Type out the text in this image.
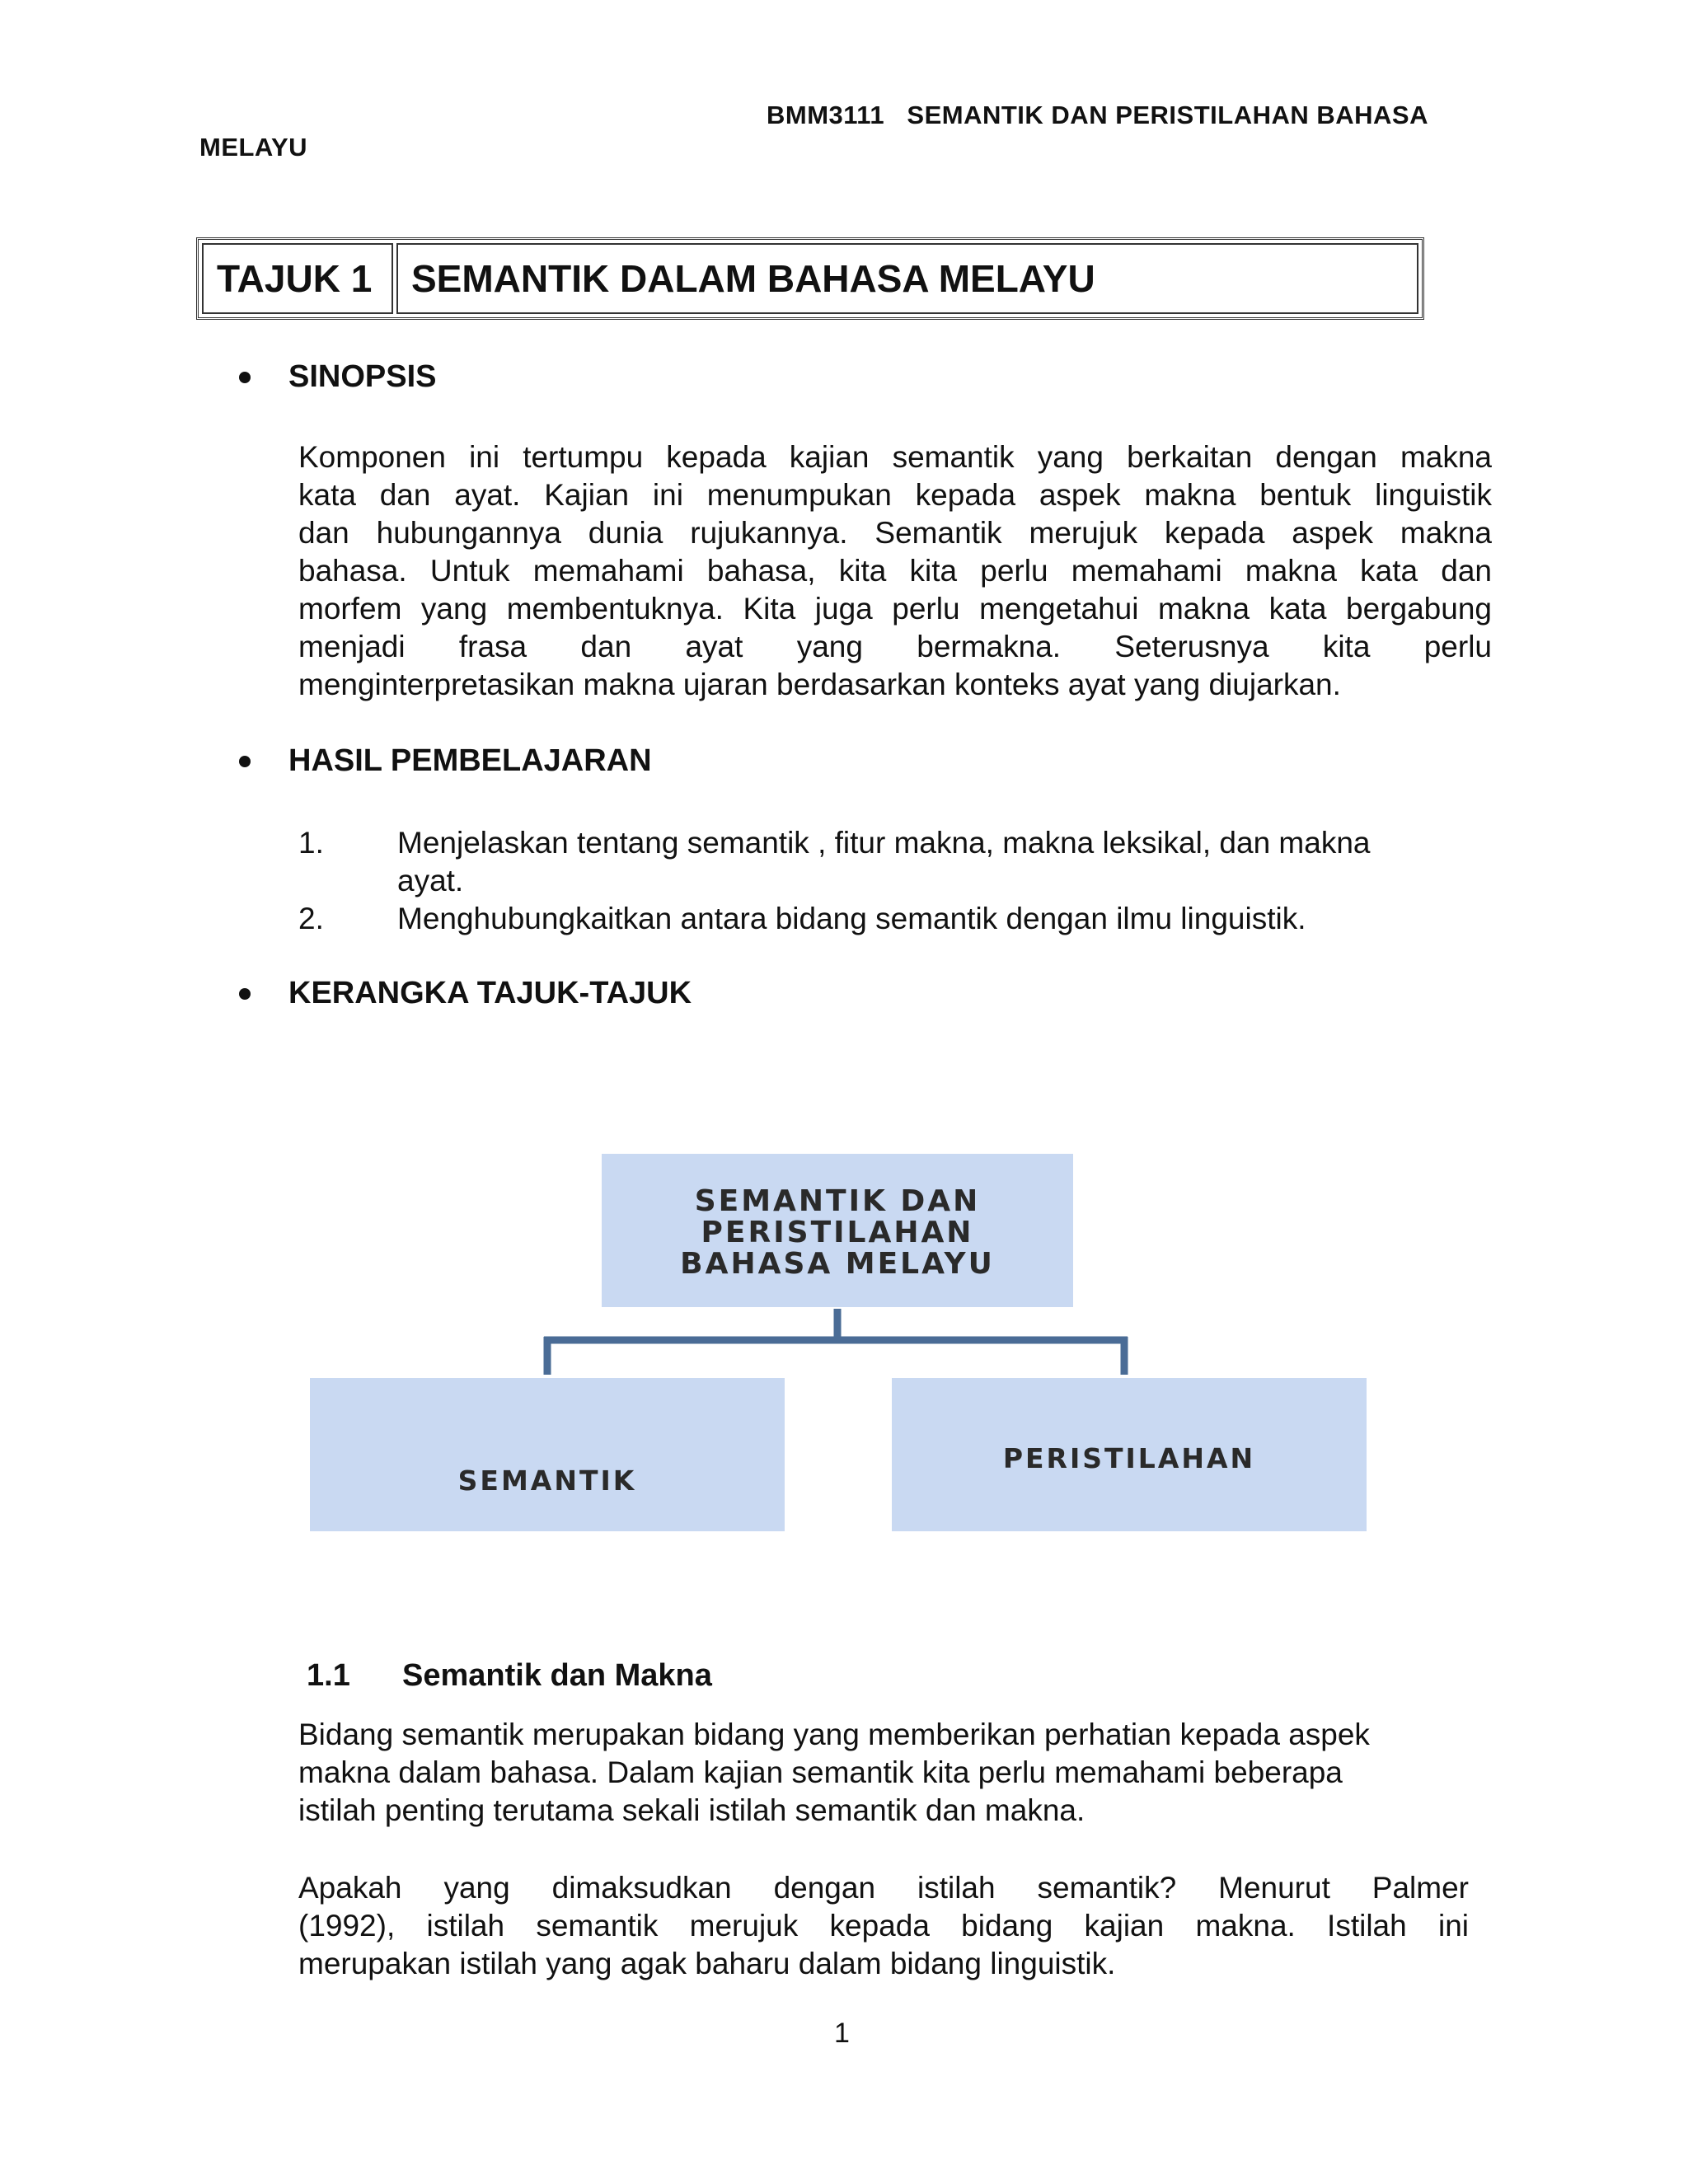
BMM3111   SEMANTIK DAN PERISTILAHAN BAHASA
MELAYU
TAJUK 1	SEMANTIK DALAM BAHASA MELAYU
SINOPSIS
Komponen ini tertumpu kepada kajian semantik yang berkaitan dengan makna
kata dan ayat. Kajian ini menumpukan kepada aspek makna bentuk linguistik
dan hubungannya dunia rujukannya. Semantik merujuk kepada aspek makna
bahasa. Untuk memahami bahasa, kita kita perlu memahami makna kata dan
morfem yang membentuknya. Kita juga perlu mengetahui makna kata bergabung
menjadi frasa dan ayat yang bermakna. Seterusnya kita perlu
menginterpretasikan makna ujaran berdasarkan konteks ayat yang diujarkan.
HASIL PEMBELAJARAN
1.	Menjelaskan tentang semantik , fitur makna, makna leksikal, dan makna ayat.
2.	Menghubungkaitkan antara bidang semantik dengan ilmu linguistik.
KERANGKA TAJUK-TAJUK
SEMANTIK DAN
PERISTILAHAN
BAHASA MELAYU
SEMANTIK
PERISTILAHAN
1.1	Semantik dan Makna
Bidang semantik merupakan bidang yang memberikan perhatian kepada aspek
makna dalam bahasa. Dalam kajian semantik kita perlu memahami beberapa
istilah penting terutama sekali istilah semantik dan makna.
Apakah yang dimaksudkan dengan istilah semantik? Menurut Palmer
(1992), istilah semantik merujuk kepada bidang kajian makna. Istilah ini
merupakan istilah yang agak baharu dalam bidang linguistik.
1
